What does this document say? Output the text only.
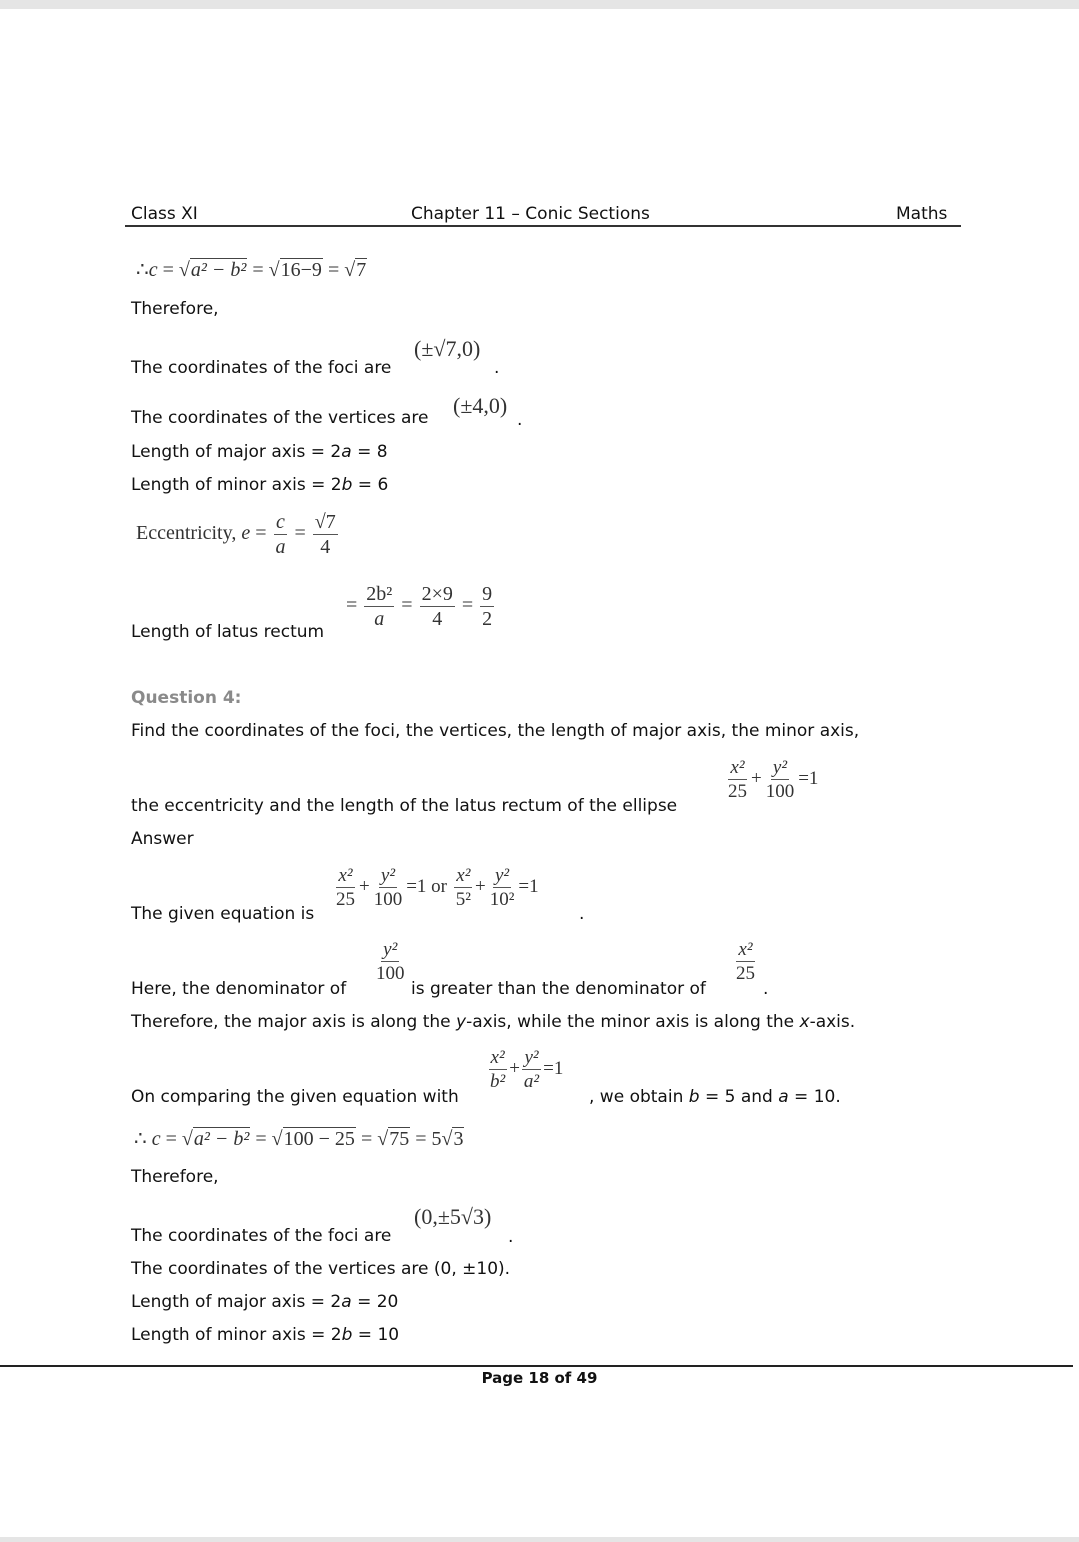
Class XI	Chapter 11 – Conic Sections	Maths
∴c = √a² − b² = √16−9 = √7
Therefore,
The coordinates of the foci are
(±√7,0)
.
The coordinates of the vertices are (±4,0)
.
Length of major axis = 2a = 8
Length of minor axis = 2b = 6
Eccentricity, $e = \frac{c}{a} = \frac{√7}{4}$
Length of latus rectum
= $\frac{\text{2b²}}{a} = \frac{2\times 9}{4} = \frac{9}{2}$
Question 4:
Find the coordinates of the foci, the vertices, the length of major axis, the minor axis,
the eccentricity and the length of the latus rectum of the ellipse
$\frac{\text{x²}}{25} + \frac{\text{y²}}{100} =1$
Answer
The given equation is
$\frac{\text{x²}}{25} + \frac{\text{y²}}{100} =1$ or $\frac{\text{x²}}{\text{5²}} + \frac{\text{y²}}{\text{10²}} =1$
.
Here, the denominator of
$\frac{\text{y²}}{100}$
is greater than the denominator of
$\frac{\text{x²}}{25}$
.
Therefore, the major axis is along the y-axis, while the minor axis is along the x-axis.
On comparing the given equation with
$\frac{\text{x²}}{\text{b²}} + \frac{\text{y²}}{\text{a²}} =1$
, we obtain b = 5 and a = 10.
∴ c = √a² − b² = √100 − 25 = √75 = 5√3
Therefore,
The coordinates of the foci are
(0,±5√3)
.
The coordinates of the vertices are (0, ±10).
Length of major axis = 2a = 20
Length of minor axis = 2b = 10
Page 18 of 49
